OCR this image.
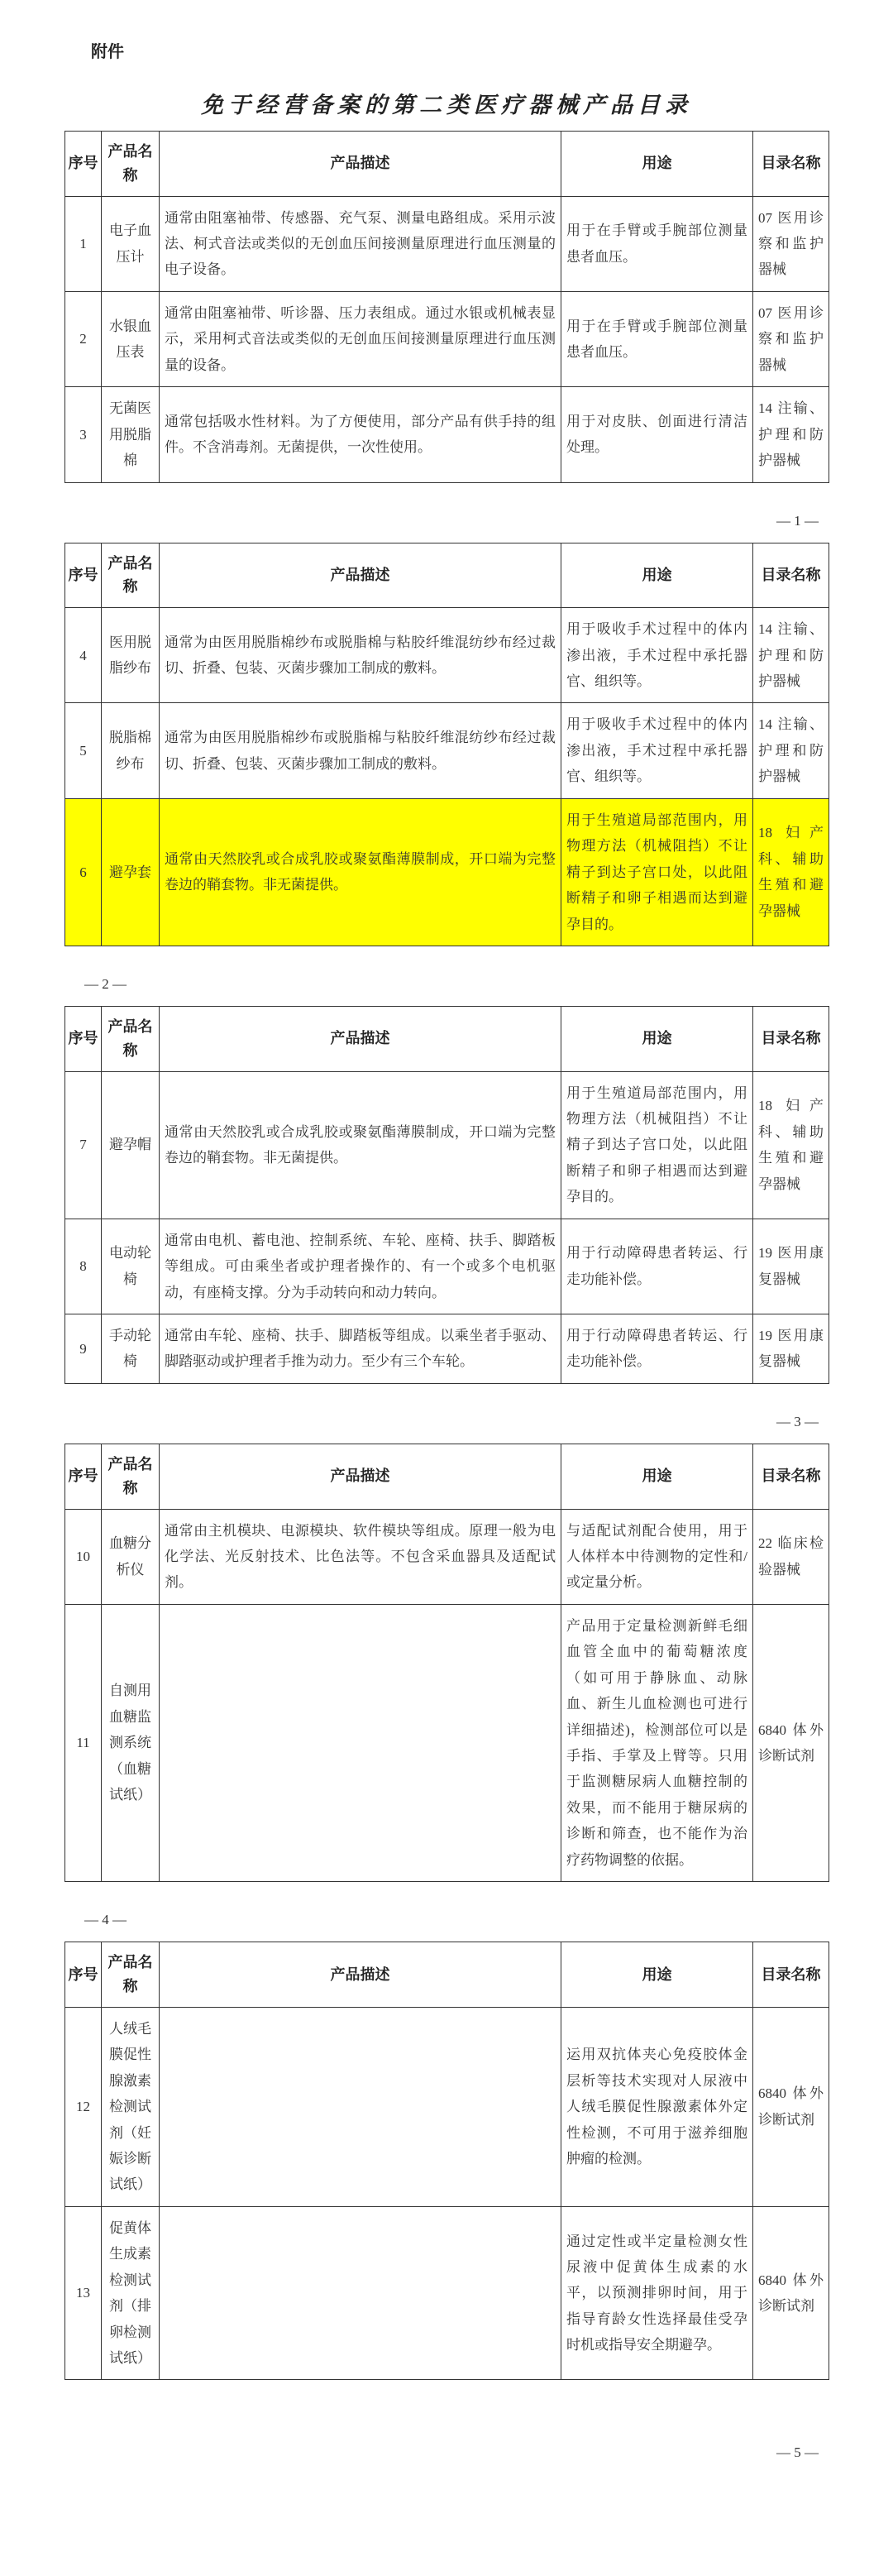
附件
免于经营备案的第二类医疗器械产品目录
序号	产品名称	产品描述	用途	目录名称
1	电子血压计	通常由阻塞袖带、传感器、充气泵、测量电路组成。采用示波法、柯式音法或类似的无创血压间接测量原理进行血压测量的电子设备。	用于在手臂或手腕部位测量患者血压。	07 医用诊察和监护器械
2	水银血压表	通常由阻塞袖带、听诊器、压力表组成。通过水银或机械表显示，采用柯式音法或类似的无创血压间接测量原理进行血压测量的设备。	用于在手臂或手腕部位测量患者血压。	07 医用诊察和监护器械
3	无菌医用脱脂棉	通常包括吸水性材料。为了方便使用，部分产品有供手持的组件。不含消毒剂。无菌提供，一次性使用。	用于对皮肤、创面进行清洁处理。	14 注输、护理和防护器械
— 1 —
序号	产品名称	产品描述	用途	目录名称
4	医用脱脂纱布	通常为由医用脱脂棉纱布或脱脂棉与粘胶纤维混纺纱布经过裁切、折叠、包装、灭菌步骤加工制成的敷料。	用于吸收手术过程中的体内渗出液，手术过程中承托器官、组织等。	14 注输、护理和防护器械
5	脱脂棉纱布	通常为由医用脱脂棉纱布或脱脂棉与粘胶纤维混纺纱布经过裁切、折叠、包装、灭菌步骤加工制成的敷料。	用于吸收手术过程中的体内渗出液，手术过程中承托器官、组织等。	14 注输、护理和防护器械
6	避孕套	通常由天然胶乳或合成乳胶或聚氨酯薄膜制成，开口端为完整卷边的鞘套物。非无菌提供。	用于生殖道局部范围内，用物理方法（机械阻挡）不让精子到达子宫口处，以此阻断精子和卵子相遇而达到避孕目的。	18 妇产科、辅助生殖和避孕器械
— 2 —
序号	产品名称	产品描述	用途	目录名称
7	避孕帽	通常由天然胶乳或合成乳胶或聚氨酯薄膜制成，开口端为完整卷边的鞘套物。非无菌提供。	用于生殖道局部范围内，用物理方法（机械阻挡）不让精子到达子宫口处，以此阻断精子和卵子相遇而达到避孕目的。	18 妇产科、辅助生殖和避孕器械
8	电动轮椅	通常由电机、蓄电池、控制系统、车轮、座椅、扶手、脚踏板等组成。可由乘坐者或护理者操作的、有一个或多个电机驱动，有座椅支撑。分为手动转向和动力转向。	用于行动障碍患者转运、行走功能补偿。	19 医用康复器械
9	手动轮椅	通常由车轮、座椅、扶手、脚踏板等组成。以乘坐者手驱动、脚踏驱动或护理者手推为动力。至少有三个车轮。	用于行动障碍患者转运、行走功能补偿。	19 医用康复器械
— 3 —
序号	产品名称	产品描述	用途	目录名称
10	血糖分析仪	通常由主机模块、电源模块、软件模块等组成。原理一般为电化学法、光反射技术、比色法等。不包含采血器具及适配试剂。	与适配试剂配合使用，用于人体样本中待测物的定性和/或定量分析。	22 临床检验器械
11	自测用血糖监测系统（血糖试纸）		产品用于定量检测新鲜毛细血管全血中的葡萄糖浓度（如可用于静脉血、动脉血、新生儿血检测也可进行详细描述)，检测部位可以是手指、手掌及上臂等。只用于监测糖尿病人血糖控制的效果，而不能用于糖尿病的诊断和筛查，也不能作为治疗药物调整的依据。	6840 体外诊断试剂
— 4 —
序号	产品名称	产品描述	用途	目录名称
12	人绒毛膜促性腺激素检测试剂（妊娠诊断试纸）		运用双抗体夹心免疫胶体金层析等技术实现对人尿液中人绒毛膜促性腺激素体外定性检测，不可用于滋养细胞肿瘤的检测。	6840 体外诊断试剂
13	促黄体生成素检测试剂（排卵检测试纸）		通过定性或半定量检测女性尿液中促黄体生成素的水平，以预测排卵时间，用于指导育龄女性选择最佳受孕时机或指导安全期避孕。	6840 体外诊断试剂
— 5 —
